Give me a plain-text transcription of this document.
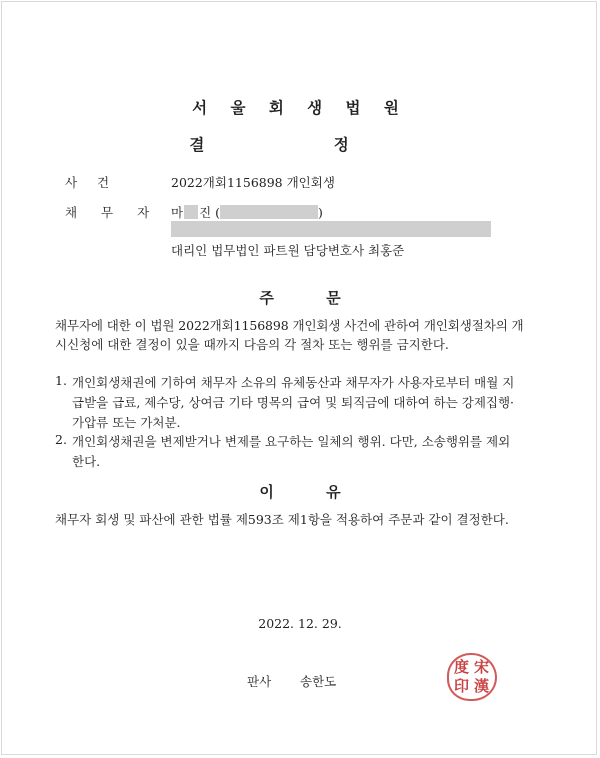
서 울 회 생 법 원
결 정
사 건	2022개회1156898 개인회생
채 무 자 마 진 (	)
대리인 법무법인 파트원 담당변호사 최홍준
주          문
채무자에 대한 이 법원 2022개회1156898 개인회생 사건에 관하여 개인회생절차의 개
시신청에 대한 결정이 있을 때까지 다음의 각 절차 또는 행위를 금지한다.
1. 개인회생채권에 기하여 채무자 소유의 유체동산과 채무자가 사용자로부터 매월 지
급받을 급료, 제수당, 상여금 기타 명목의 급여 및 퇴직금에 대하여 하는 강제집행·
가압류 또는 가처분.
2. 개인회생채권을 변제받거나 변제를 요구하는 일체의 행위. 다만, 소송행위를 제외
한다.
이          유
채무자 회생 및 파산에 관한 법률 제593조 제1항을 적용하여 주문과 같이 결정한다.
2022. 12. 29.
판사 송한도
宋
漢
度
印
